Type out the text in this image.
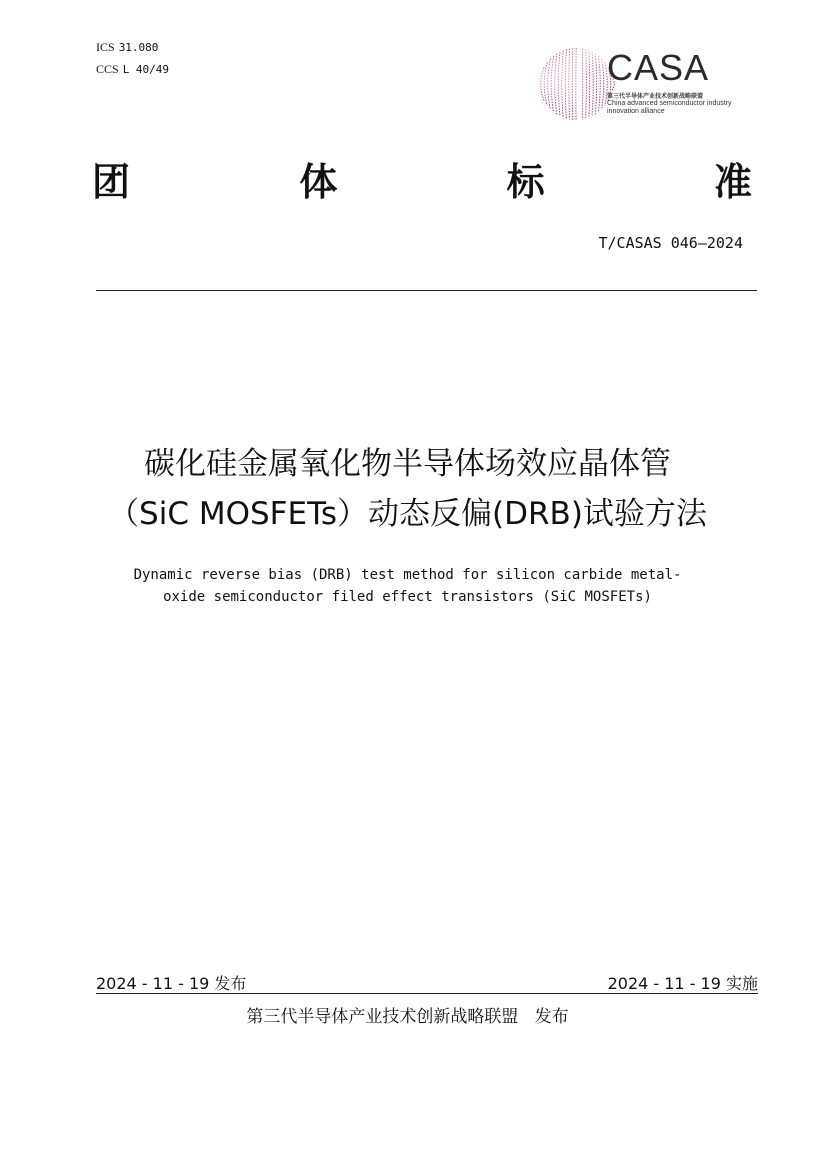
ICS 31.080
CCS L 40/49	CASA
第三代半导体产业技术创新战略联盟
China advanced semiconductor industry
innovation alliance
团	体	标	准
T/CASAS 046—2024
碳化硅金属氧化物半导体场效应晶体管
（SiC MOSFETs）动态反偏(DRB)试验方法
Dynamic reverse bias (DRB) test method for silicon carbide metal-
oxide semiconductor filed effect transistors (SiC MOSFETs)
2024 - 11 - 19 发布	2024 - 11 - 19 实施
第三代半导体产业技术创新战略联盟   发布
